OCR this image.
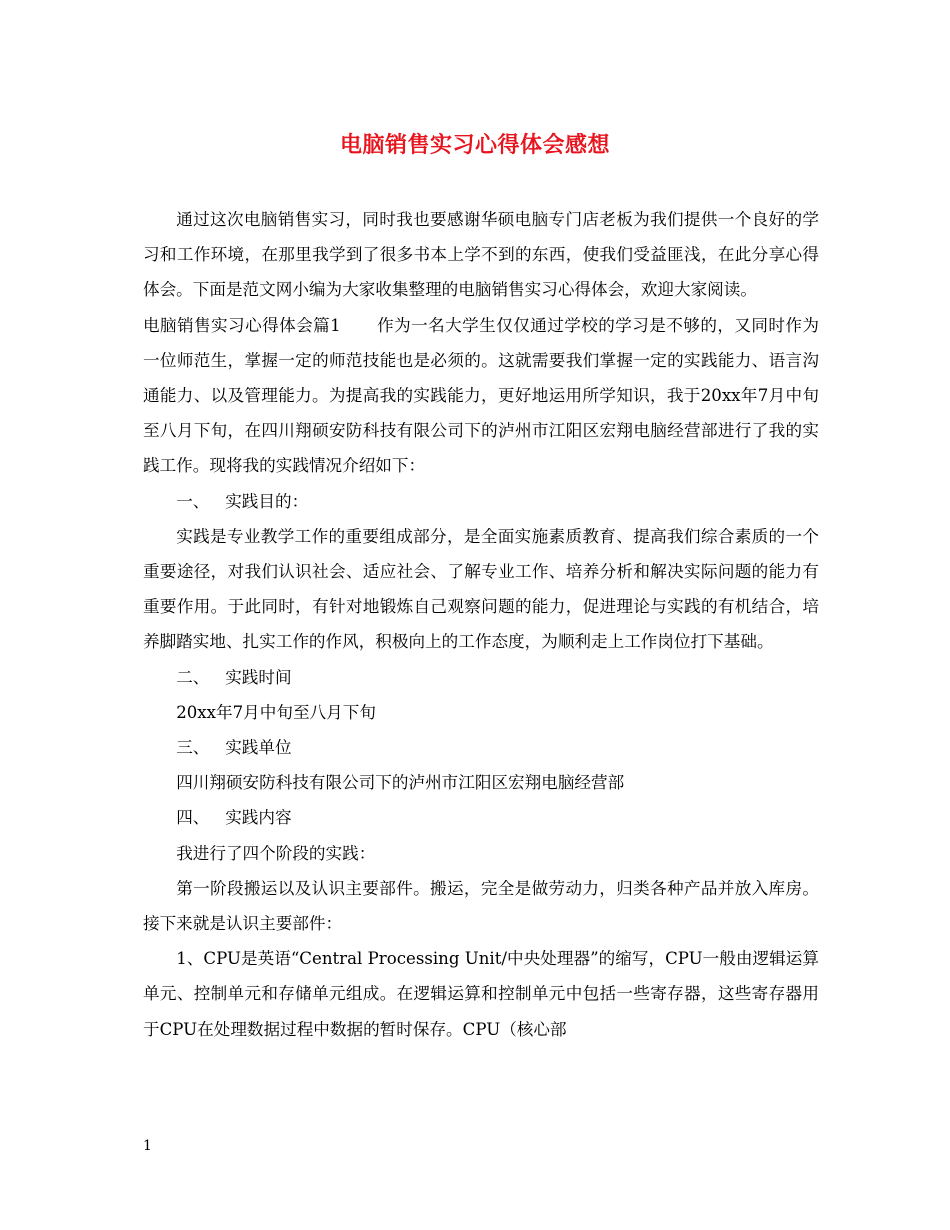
电脑销售实习心得体会感想

通过这次电脑销售实习，同时我也要感谢华硕电脑专门店老板为我们提供一个良好的学习和工作环境，在那里我学到了很多书本上学不到的东西，使我们受益匪浅，在此分享心得体会。下面是范文网小编为大家收集整理的电脑销售实习心得体会，欢迎大家阅读。

电脑销售实习心得体会篇1 作为一名大学生仅仅通过学校的学习是不够的，又同时作为一位师范生，掌握一定的师范技能也是必须的。这就需要我们掌握一定的实践能力、语言沟通能力、以及管理能力。为提高我的实践能力，更好地运用所学知识，我于20xx年7月中旬至八月下旬，在四川翔硕安防科技有限公司下的泸州市江阳区宏翔电脑经营部进行了我的实践工作。现将我的实践情况介绍如下：

一、 实践目的：

实践是专业教学工作的重要组成部分，是全面实施素质教育、提高我们综合素质的一个重要途径，对我们认识社会、适应社会、了解专业工作、培养分析和解决实际问题的能力有重要作用。于此同时，有针对地锻炼自己观察问题的能力，促进理论与实践的有机结合，培养脚踏实地、扎实工作的作风，积极向上的工作态度，为顺利走上工作岗位打下基础。

二、 实践时间

20xx年7月中旬至八月下旬

三、 实践单位

四川翔硕安防科技有限公司下的泸州市江阳区宏翔电脑经营部

四、 实践内容

我进行了四个阶段的实践：

第一阶段搬运以及认识主要部件。搬运，完全是做劳动力，归类各种产品并放入库房。接下来就是认识主要部件：

1、CPU是英语“Central Processing Unit/中央处理器”的缩写，CPU一般由逻辑运算单元、控制单元和存储单元组成。在逻辑运算和控制单元中包括一些寄存器，这些寄存器用于CPU在处理数据过程中数据的暂时保存。CPU（核心部

1
